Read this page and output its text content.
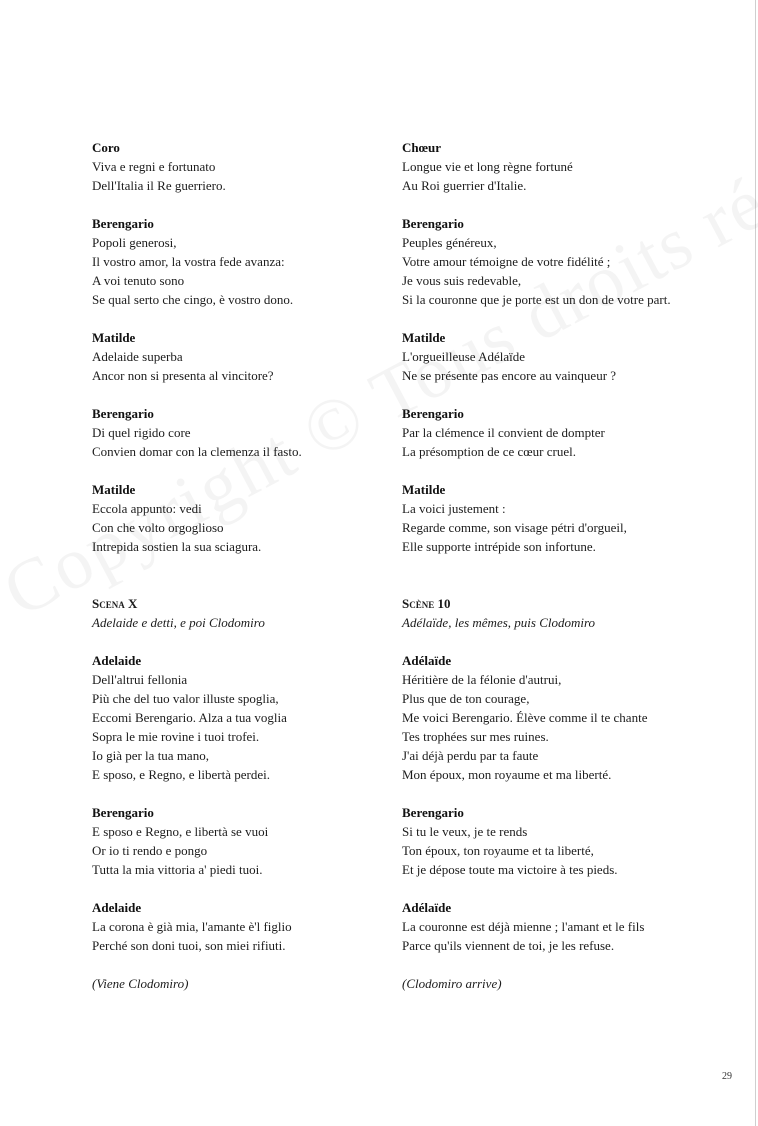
Coro
Viva e regni e fortunato
Dell'Italia il Re guerriero.
Berengario
Popoli generosi,
Il vostro amor, la vostra fede avanza:
A voi tenuto sono
Se qual serto che cingo, è vostro dono.
Matilde
Adelaide superba
Ancor non si presenta al vincitore?
Berengario
Di quel rigido core
Convien domar con la clemenza il fasto.
Matilde
Eccola appunto: vedi
Con che volto orgoglioso
Intrepida sostien la sua sciagura.
Scena X
Adelaide e detti, e poi Clodomiro
Adelaide
Dell'altrui fellonia
Più che del tuo valor illuste spoglia,
Eccomi Berengario. Alza a tua voglia
Sopra le mie rovine i tuoi trofei.
Io già per la tua mano,
E sposo, e Regno, e libertà perdei.
Berengario
E sposo e Regno, e libertà se vuoi
Or io ti rendo e pongo
Tutta la mia vittoria a' piedi tuoi.
Adelaide
La corona è già mia, l'amante è'l figlio
Perché son doni tuoi, son miei rifiuti.
(Viene Clodomiro)
Chœur
Longue vie et long règne fortuné
Au Roi guerrier d'Italie.
Berengario
Peuples généreux,
Votre amour témoigne de votre fidélité ;
Je vous suis redevable,
Si la couronne que je porte est un don de votre part.
Matilde
L'orgueilleuse Adélaïde
Ne se présente pas encore au vainqueur ?
Berengario
Par la clémence il convient de dompter
La présomption de ce cœur cruel.
Matilde
La voici justement :
Regarde comme, son visage pétri d'orgueil,
Elle supporte intrépide son infortune.
Scène 10
Adélaïde, les mêmes, puis Clodomiro
Adélaïde
Héritière de la félonie d'autrui,
Plus que de ton courage,
Me voici Berengario. Élève comme il te chante
Tes trophées sur mes ruines.
J'ai déjà perdu par ta faute
Mon époux, mon royaume et ma liberté.
Berengario
Si tu le veux, je te rends
Ton époux, ton royaume et ta liberté,
Et je dépose toute ma victoire à tes pieds.
Adélaïde
La couronne est déjà mienne ; l'amant et le fils
Parce qu'ils viennent de toi, je les refuse.
(Clodomiro arrive)
29
